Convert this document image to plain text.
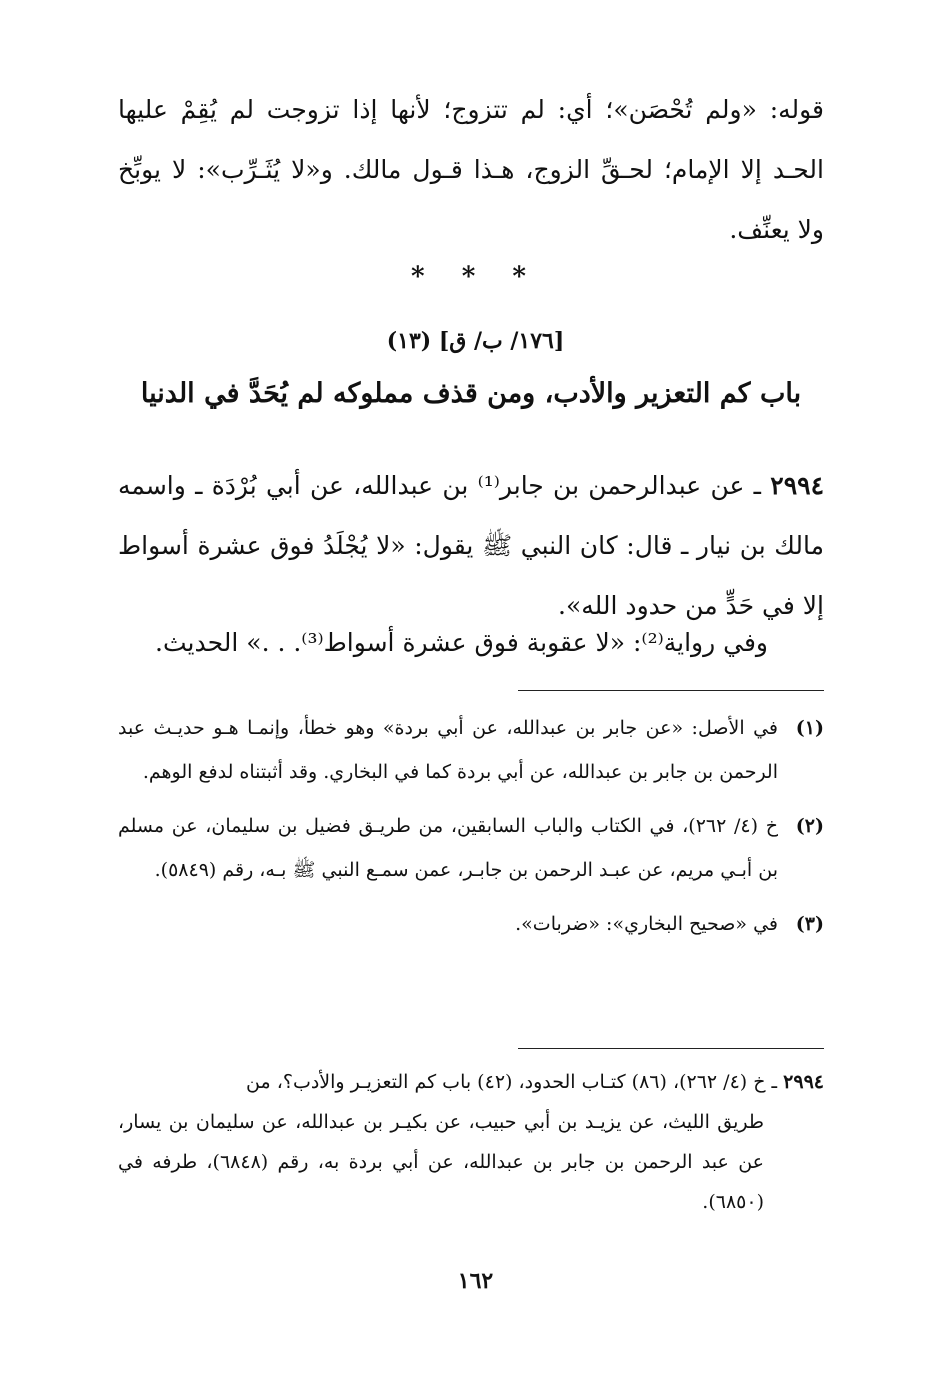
قوله: «ولم تُحْصَن»؛ أي: لم تتزوج؛ لأنها إذا تزوجت لم يُقِمْ عليها الحـد إلا الإمام؛ لحـقِّ الزوج، هـذا قـول مالك. و«لا يُثَـرِّب»: لا يوبِّخ ولا يعنِّف.

* * *
[١٧٦/ ب/ ق] (١٣)
باب كم التعزير والأدب، ومن قذف مملوكه لم يُحَدَّ في الدنيا

٢٩٩٤ ـ عن عبدالرحمن بن جابر⁽¹⁾ بن عبدالله، عن أبي بُرْدَة ـ واسمه مالك بن نيار ـ قال: كان النبي ﷺ يقول: «لا يُجْلَدُ فوق عشرة أسواط إلا في حَدٍّ من حدود الله».

وفي رواية⁽²⁾: «لا عقوبة فوق عشرة أسواط⁽³⁾. . .» الحديث.
(١)
في الأصل: «عن جابر بن عبدالله، عن أبي بردة» وهو خطأ، وإنمـا هـو حديـث عبد الرحمن بن جابر بن عبدالله، عن أبي بردة كما في البخاري. وقد أثبتناه لدفع الوهم.
(٢)
خ (٤/ ٢٦٢)، في الكتاب والباب السابقين، من طريـق فضيل بن سليمان، عن مسلم بن أبـي مريم، عن عبـد الرحمن بن جابـر، عمن سمـع النبي ﷺ بـه، رقم (٥٨٤٩).
(٣)
في «صحيح البخاري»: «ضربات».
٢٩٩٤ ـ خ (٤/ ٢٦٢)، (٨٦) كتـاب الحدود، (٤٢) باب كم التعزيـر والأدب؟، من
طريق الليث، عن يزيـد بن أبي حبيب، عن بكيـر بن عبدالله، عن سليمان بن يسار، عن عبد الرحمن بن جابر بن عبدالله، عن أبي بردة به، رقم (٦٨٤٨)، طرفه في (٦٨٥٠).
١٦٢
